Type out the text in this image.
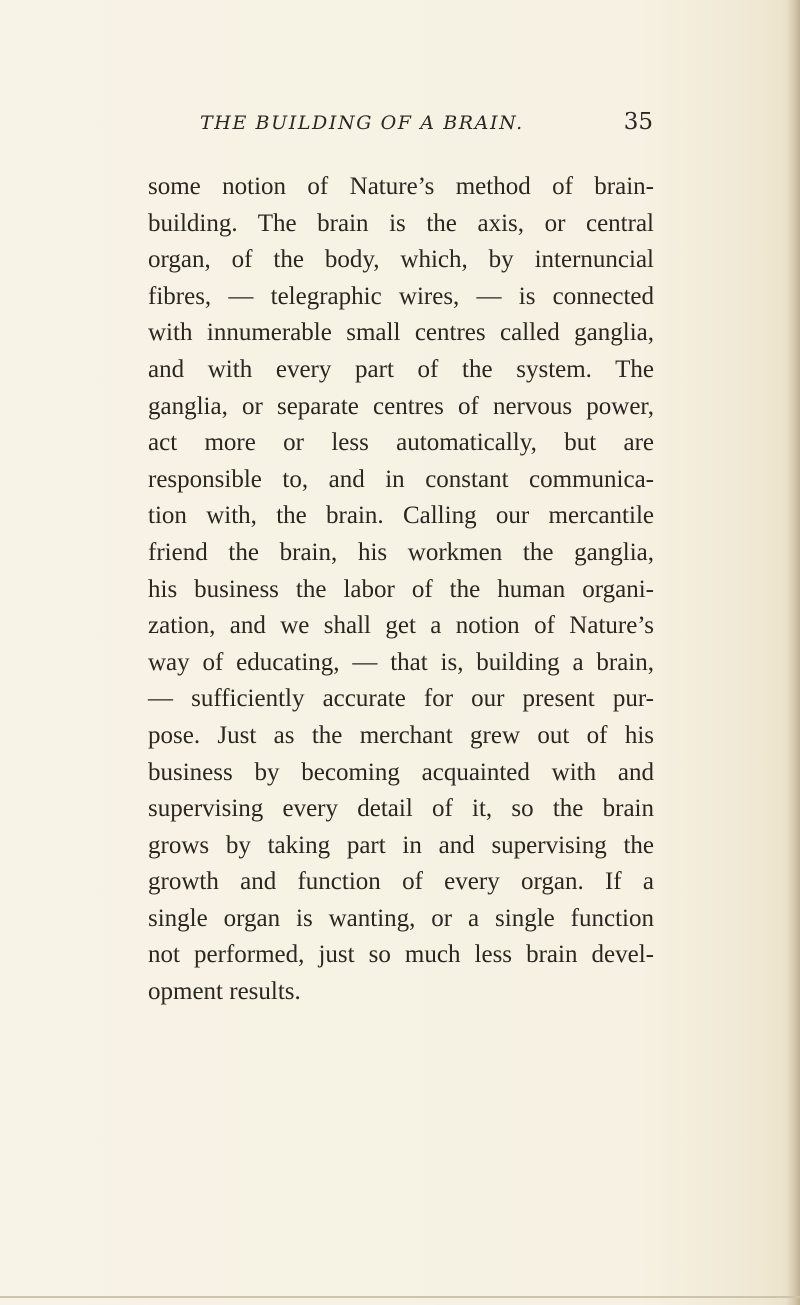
THE BUILDING OF A BRAIN.	35
some notion of Nature’s method of brain-
building. The brain is the axis, or central
organ, of the body, which, by internuncial
fibres, — telegraphic wires, — is connected
with innumerable small centres called ganglia,
and with every part of the system. The
ganglia, or separate centres of nervous power,
act more or less automatically, but are
responsible to, and in constant communica-
tion with, the brain. Calling our mercantile
friend the brain, his workmen the ganglia,
his business the labor of the human organi-
zation, and we shall get a notion of Nature’s
way of educating, — that is, building a brain,
— sufficiently accurate for our present pur-
pose. Just as the merchant grew out of his
business by becoming acquainted with and
supervising every detail of it, so the brain
grows by taking part in and supervising the
growth and function of every organ. If a
single organ is wanting, or a single function
not performed, just so much less brain devel-
opment results.
